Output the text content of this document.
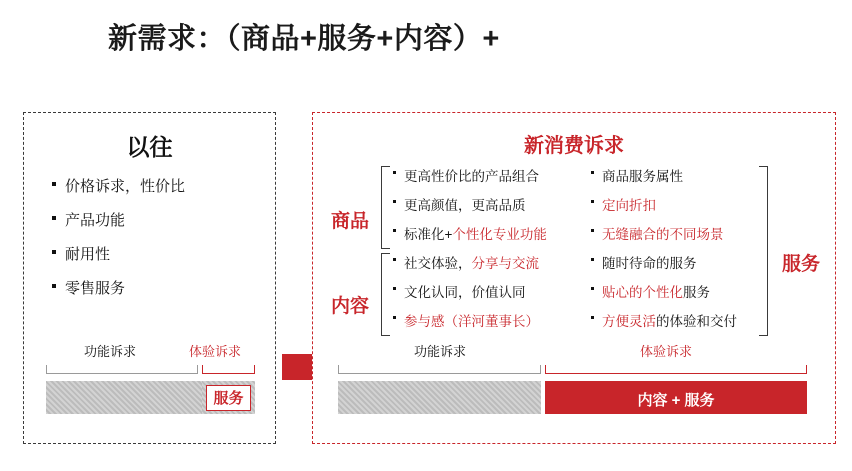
新需求：（商品+服务+内容）+
以往
价格诉求，性价比
产品功能
耐用性
零售服务
功能诉求	体验诉求
服务
新消费诉求
商品
更高性价比的产品组合
更高颜值，更高品质
标准化+个性化专业功能
内容
社交体验，分享与交流
文化认同，价值认同
参与感（洋河董事长）
服务
商品服务属性
定向折扣
无缝融合的不同场景
随时待命的服务
贴心的个性化服务
方便灵活的体验和交付
功能诉求	体验诉求
内容 + 服务
